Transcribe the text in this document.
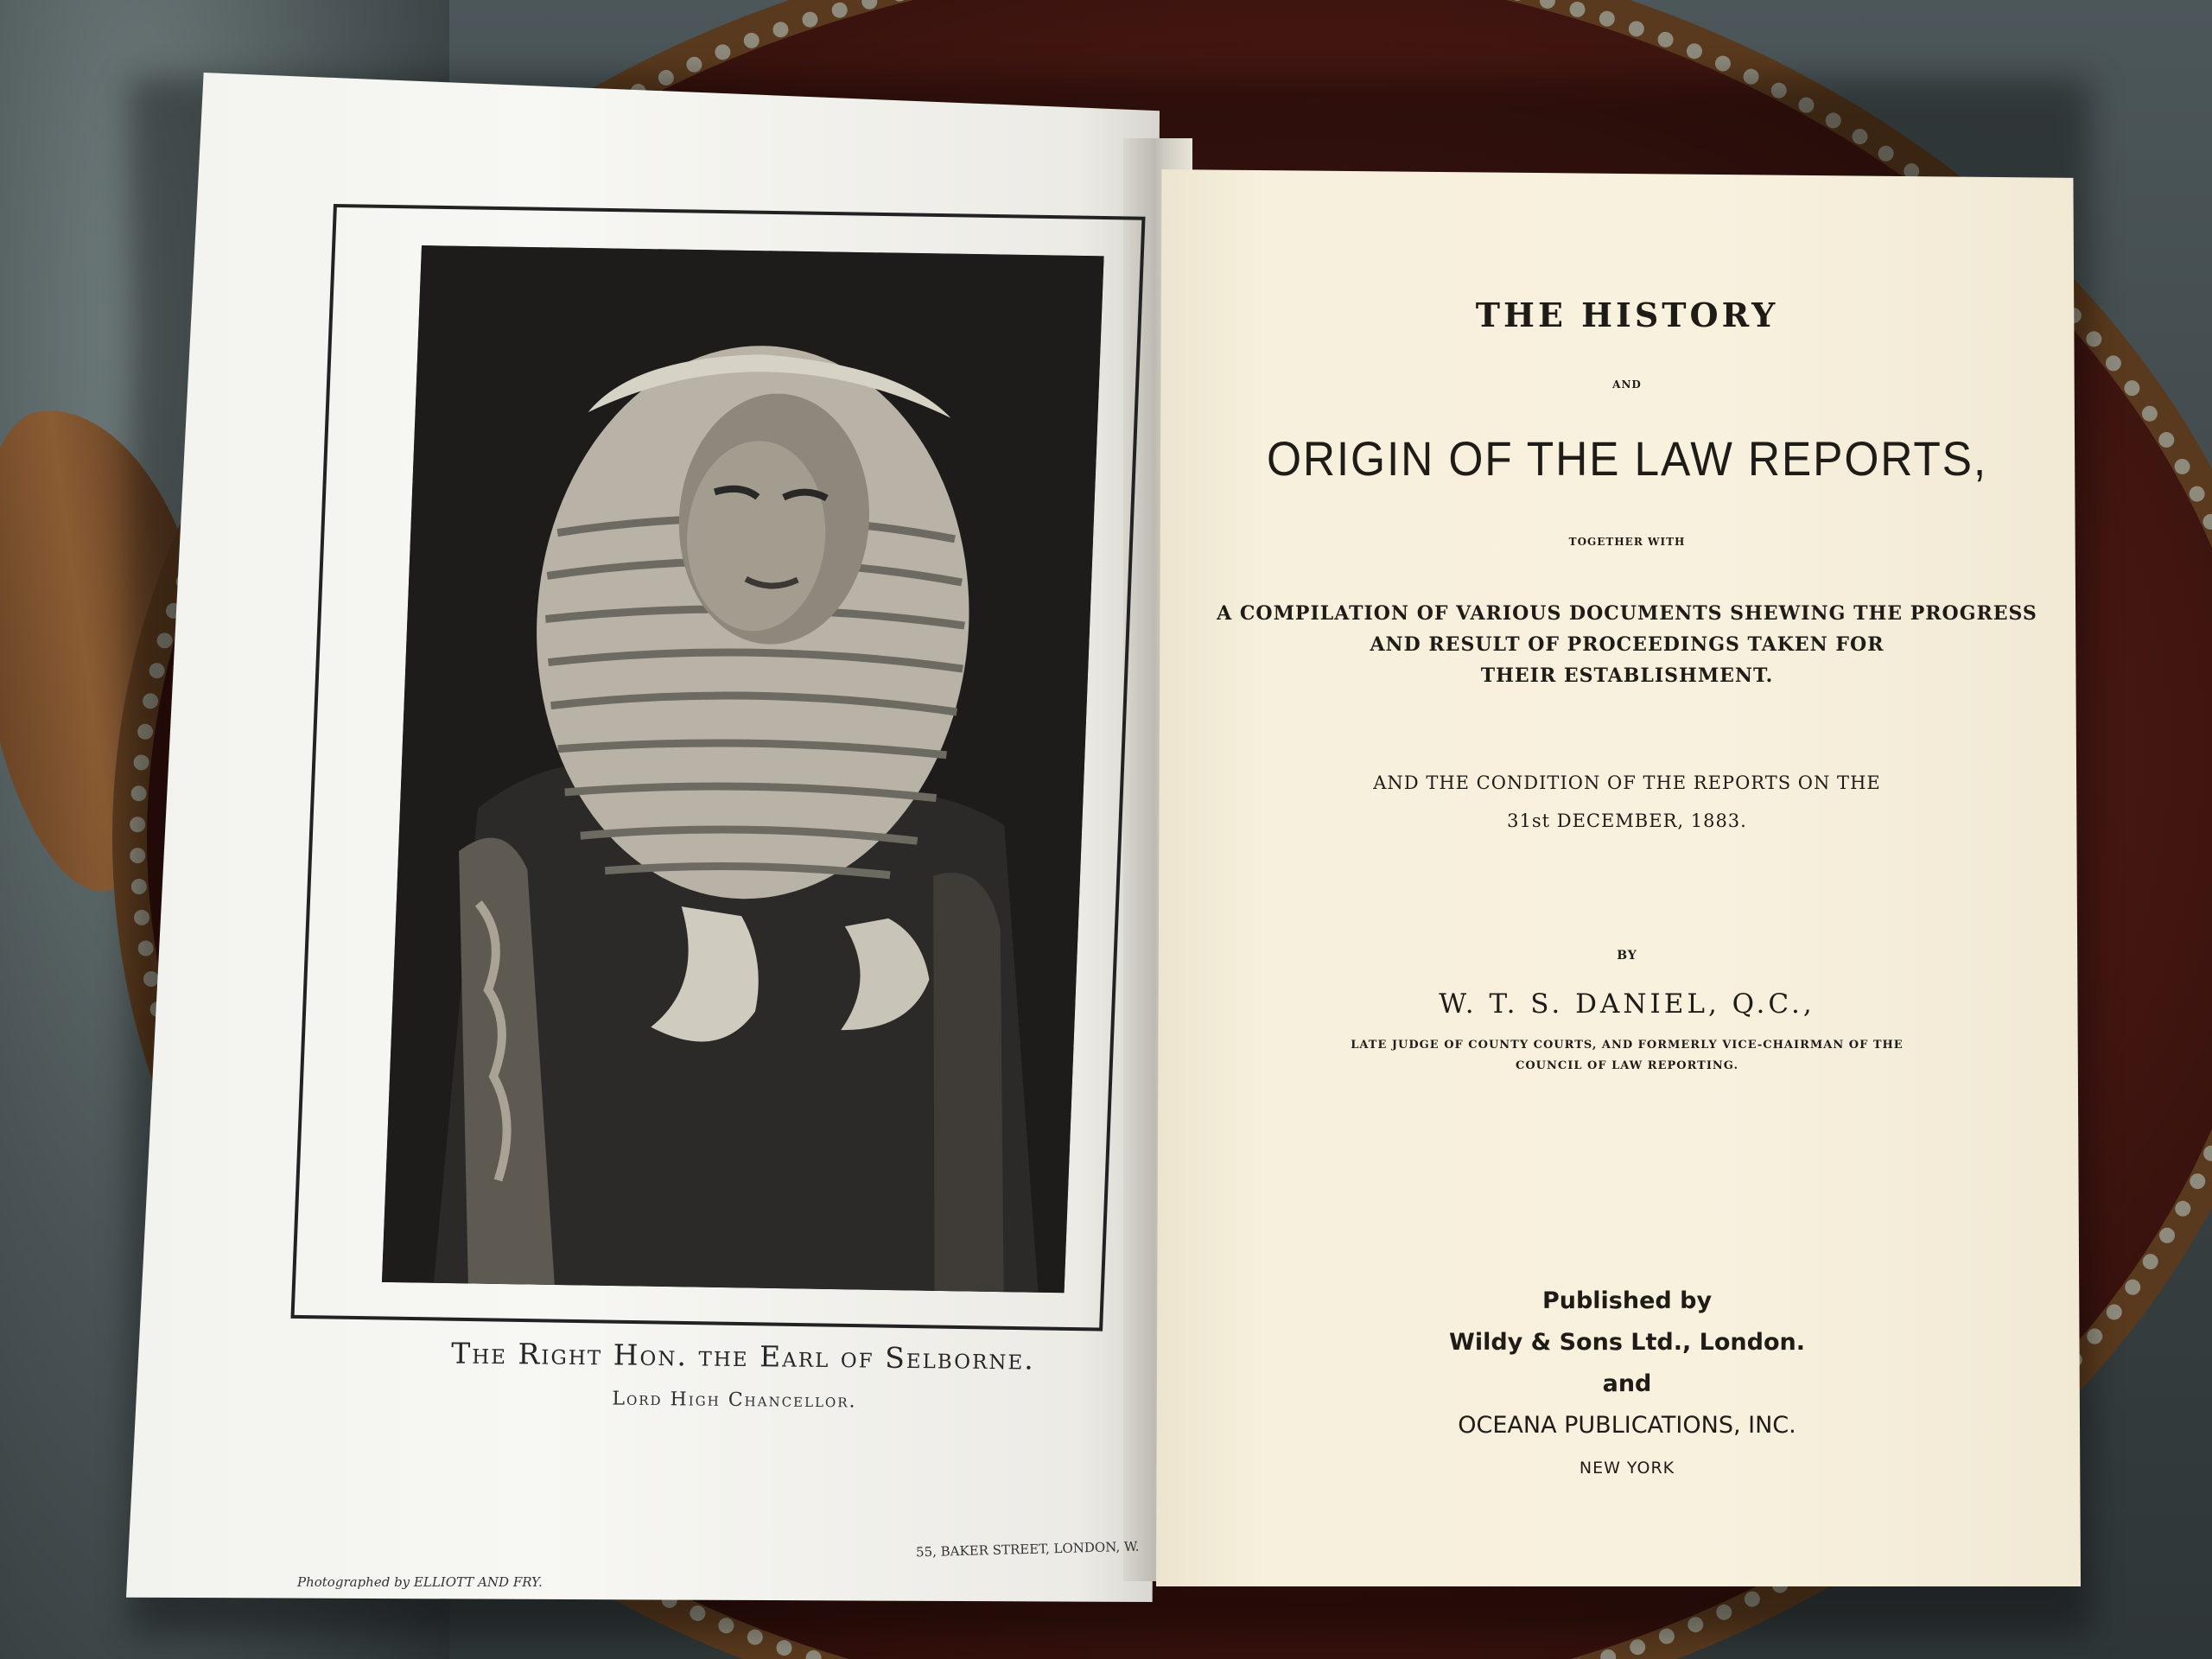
The Right Hon. the Earl of Selborne.
Lord High Chancellor.
Photographed by ELLIOTT AND FRY.
55, BAKER STREET, LONDON, W.
THE HISTORY
AND
ORIGIN OF THE LAW REPORTS,
TOGETHER WITH
A COMPILATION OF VARIOUS DOCUMENTS SHEWING THE PROGRESS
AND RESULT OF PROCEEDINGS TAKEN FOR
THEIR ESTABLISHMENT.
AND THE CONDITION OF THE REPORTS ON THE
31st DECEMBER, 1883.
BY
W. T. S. DANIEL, Q.C.,
LATE JUDGE OF COUNTY COURTS, AND FORMERLY VICE-CHAIRMAN OF THE
COUNCIL OF LAW REPORTING.
Published by
Wildy & Sons Ltd., London.
and
OCEANA PUBLICATIONS, INC.
NEW YORK
